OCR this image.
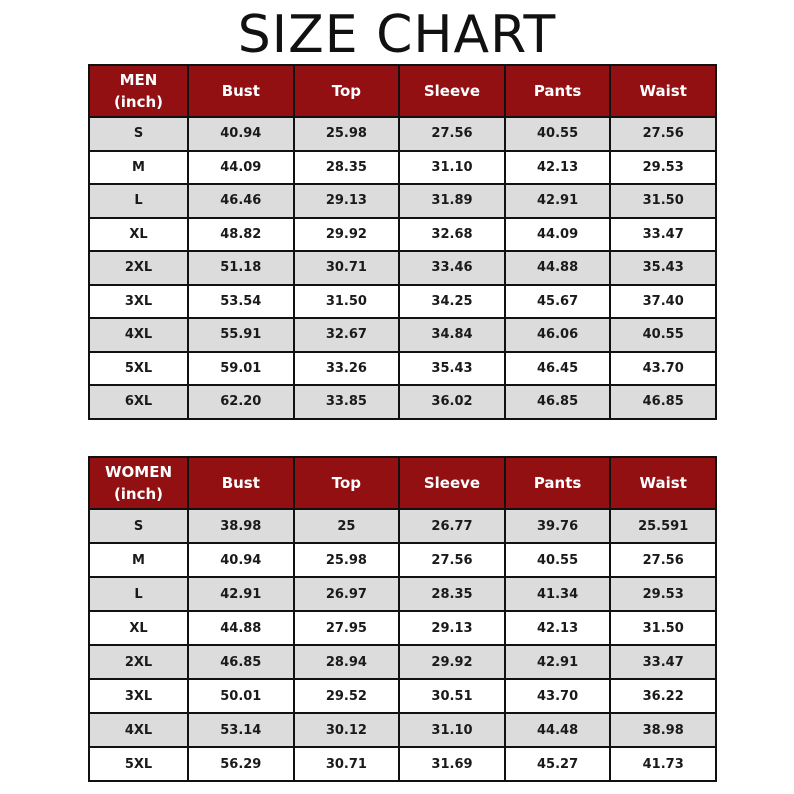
SIZE CHART
MEN
(inch)	Bust	Top	Sleeve	Pants	Waist
S	40.94	25.98	27.56	40.55	27.56
M	44.09	28.35	31.10	42.13	29.53
L	46.46	29.13	31.89	42.91	31.50
XL	48.82	29.92	32.68	44.09	33.47
2XL	51.18	30.71	33.46	44.88	35.43
3XL	53.54	31.50	34.25	45.67	37.40
4XL	55.91	32.67	34.84	46.06	40.55
5XL	59.01	33.26	35.43	46.45	43.70
6XL	62.20	33.85	36.02	46.85	46.85
WOMEN
(inch)	Bust	Top	Sleeve	Pants	Waist
S	38.98	25	26.77	39.76	25.591
M	40.94	25.98	27.56	40.55	27.56
L	42.91	26.97	28.35	41.34	29.53
XL	44.88	27.95	29.13	42.13	31.50
2XL	46.85	28.94	29.92	42.91	33.47
3XL	50.01	29.52	30.51	43.70	36.22
4XL	53.14	30.12	31.10	44.48	38.98
5XL	56.29	30.71	31.69	45.27	41.73
